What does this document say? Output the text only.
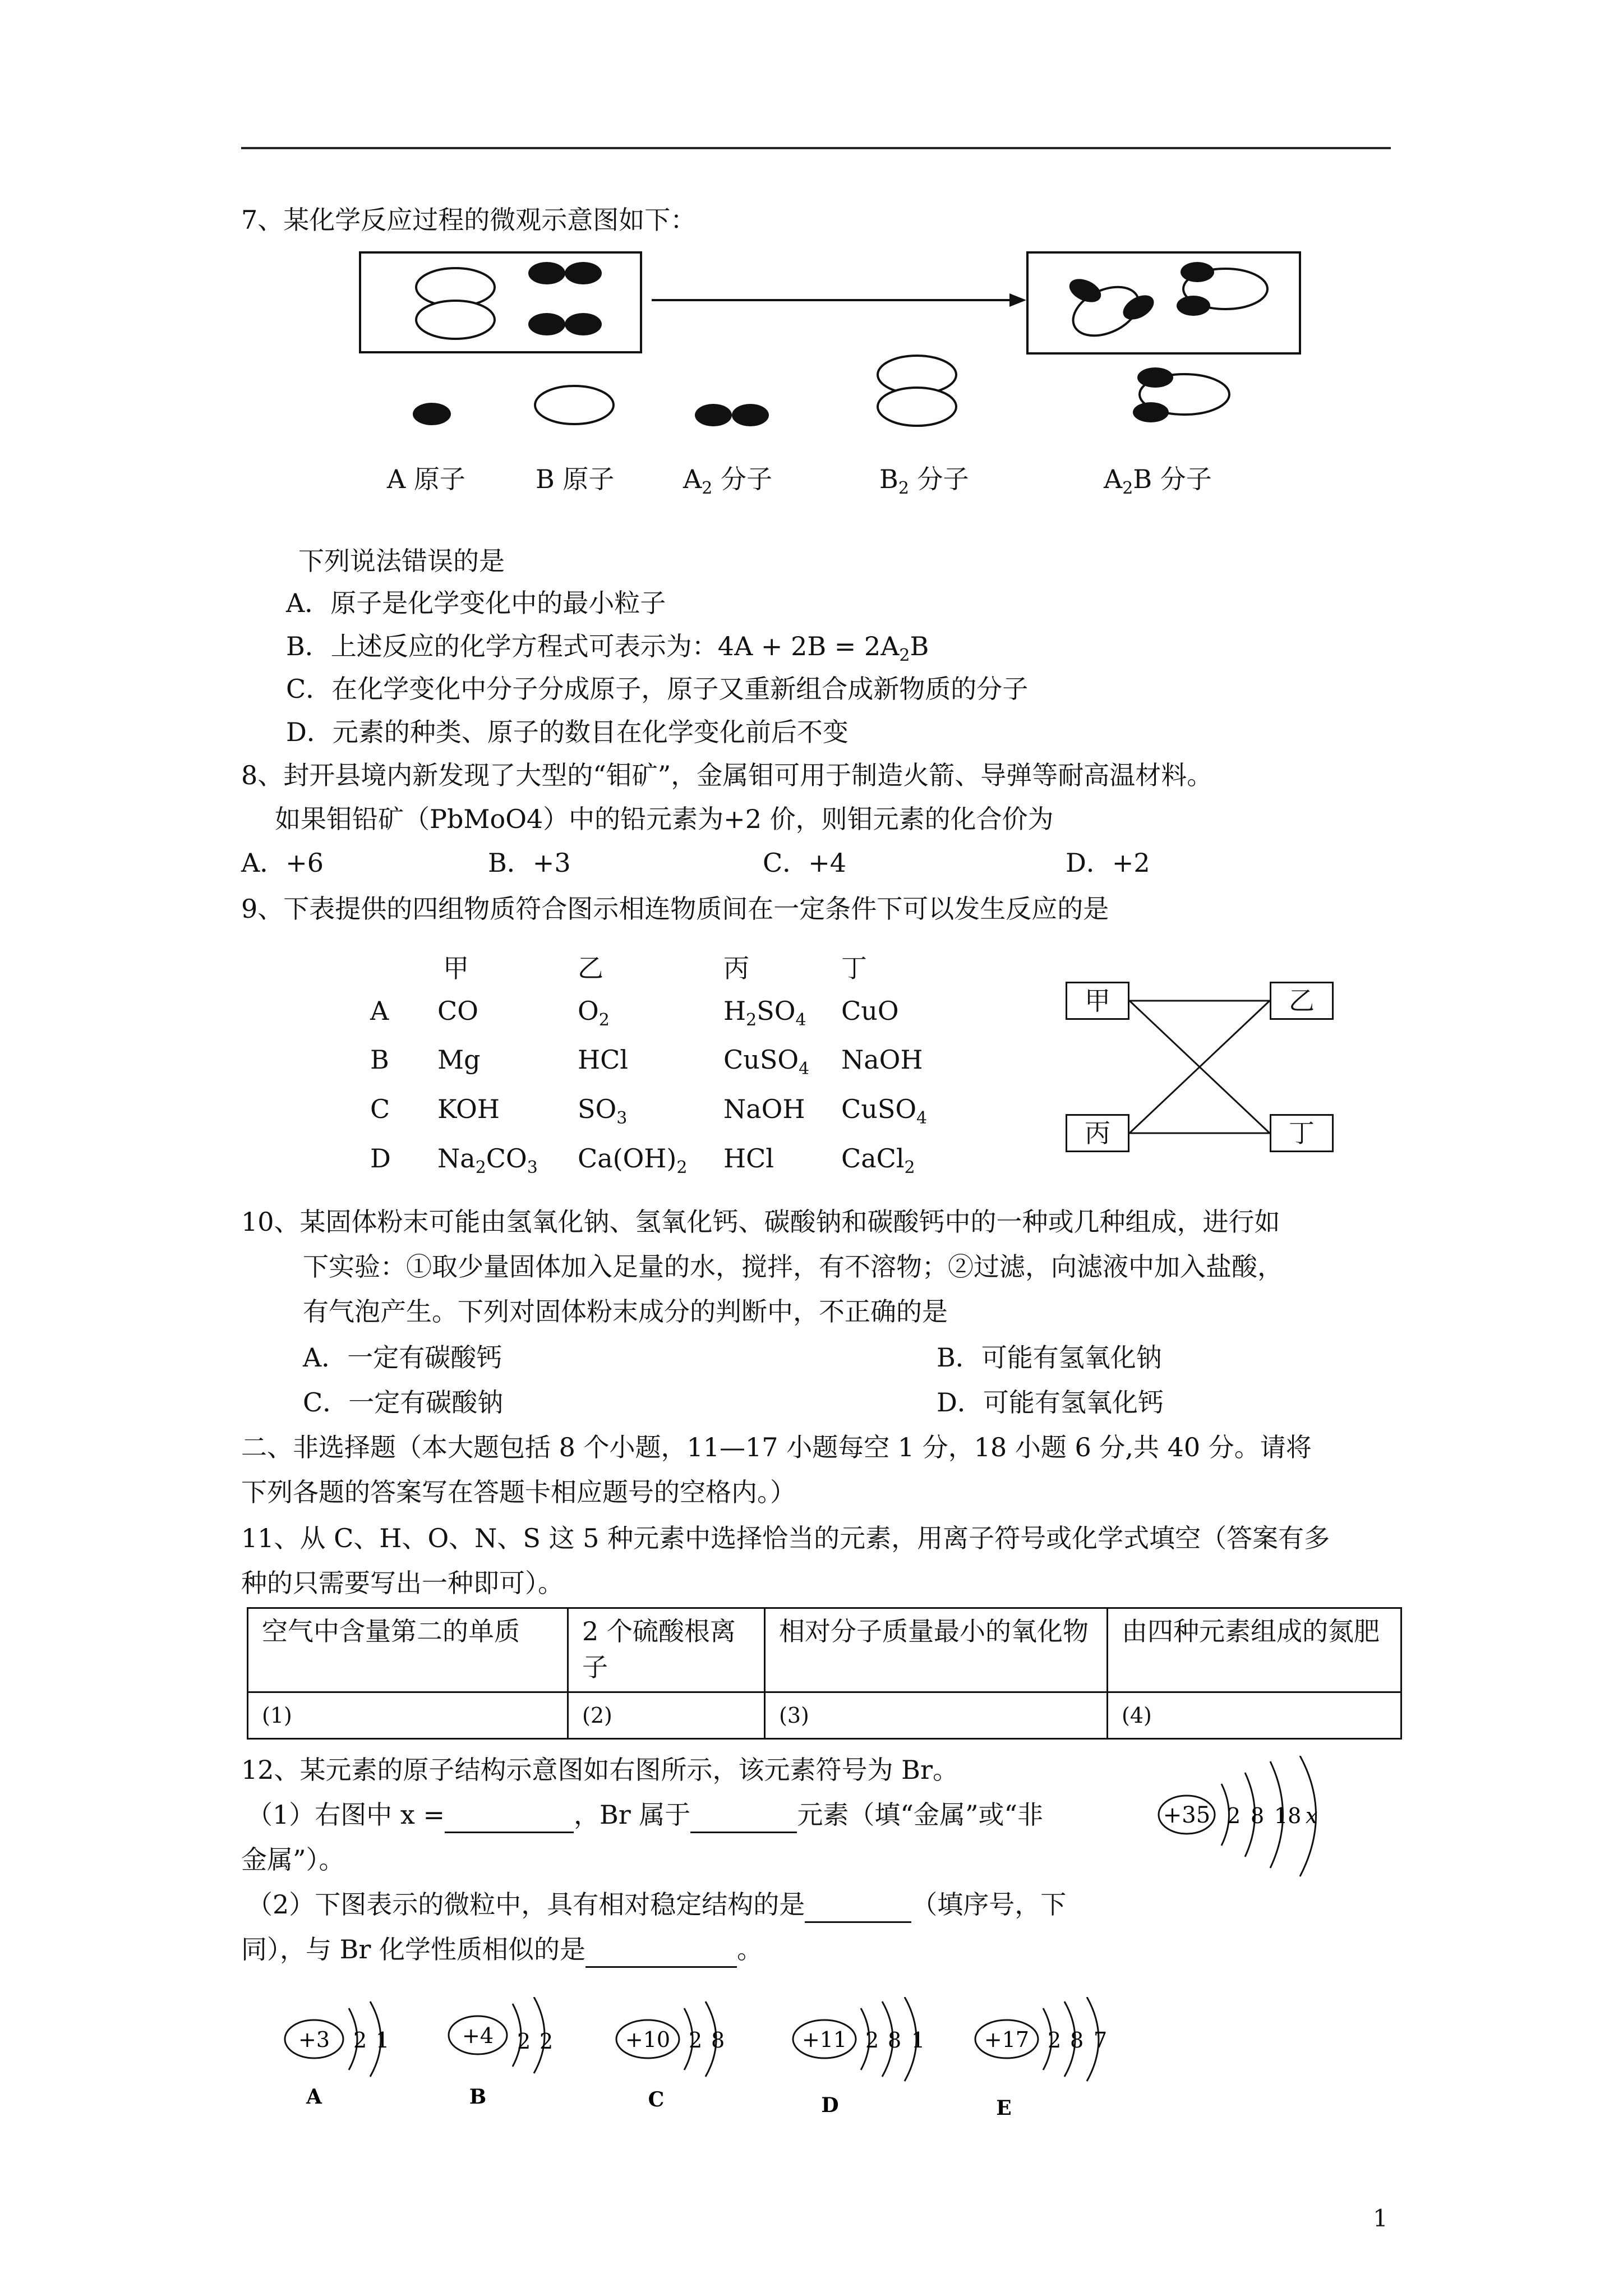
7、某化学反应过程的微观示意图如下：
A 原子	B 原子	$A_2$ 分子	$B_2$ 分子	$A_2B$ 分子
下列说法错误的是
A．原子是化学变化中的最小粒子
B．上述反应的化学方程式可表示为：$4A + 2B = 2A_2B$
C．在化学变化中分子分成原子，原子又重新组合成新物质的分子
D．元素的种类、原子的数目在化学变化前后不变
8、封开县境内新发现了大型的“钼矿”，金属钼可用于制造火箭、导弹等耐高温材料。
如果钼铅矿（PbMoO4）中的铅元素为+2 价，则钼元素的化合价为
A．+6	B．+3	C．+4	D．+2
9、下表提供的四组物质符合图示相连物质间在一定条件下可以发生反应的是
甲	乙	丙	丁
A CO	$O_2$	$H_2SO_4$ CuO
B Mg	HCl	CuSO$_4$ NaOH
C KOH	$SO_3$	NaOH CuSO$_4$
D $Na_2CO_3$ $Ca(OH)_2$ HCl	CaCl$_2$
甲	乙
丙	丁
10、某固体粉末可能由氢氧化钠、氢氧化钙、碳酸钠和碳酸钙中的一种或几种组成，进行如
下实验：①取少量固体加入足量的水，搅拌，有不溶物；②过滤，向滤液中加入盐酸，
有气泡产生。下列对固体粉末成分的判断中，不正确的是
A．一定有碳酸钙	B．可能有氢氧化钠
C．一定有碳酸钠	D．可能有氢氧化钙
二、非选择题（本大题包括 8 个小题，11—17 小题每空 1 分，18 小题 6 分,共 40 分。请将
下列各题的答案写在答题卡相应题号的空格内。）
11、从 C、H、O、N、S 这 5 种元素中选择恰当的元素，用离子符号或化学式填空（答案有多
种的只需要写出一种即可）。
空气中含量第二的单质	2 个硫酸根离子	相对分子质量最小的氧化物	由四种元素组成的氮肥
(1)	(2)	(3)	(4)
12、某元素的原子结构示意图如右图所示，该元素符号为 Br。
（1）右图中 x =	，Br 属于	元素（填“金属”或“非
金属”）。
（2）下图表示的微粒中，具有相对稳定结构的是	（填序号，下
同），与 Br 化学性质相似的是	。
+35 2 8 18 x
+3 2 1
A
+4 2 2
B
+10 2 8
C
+11 2 8 1
D
+17 2 8 7
E
1
